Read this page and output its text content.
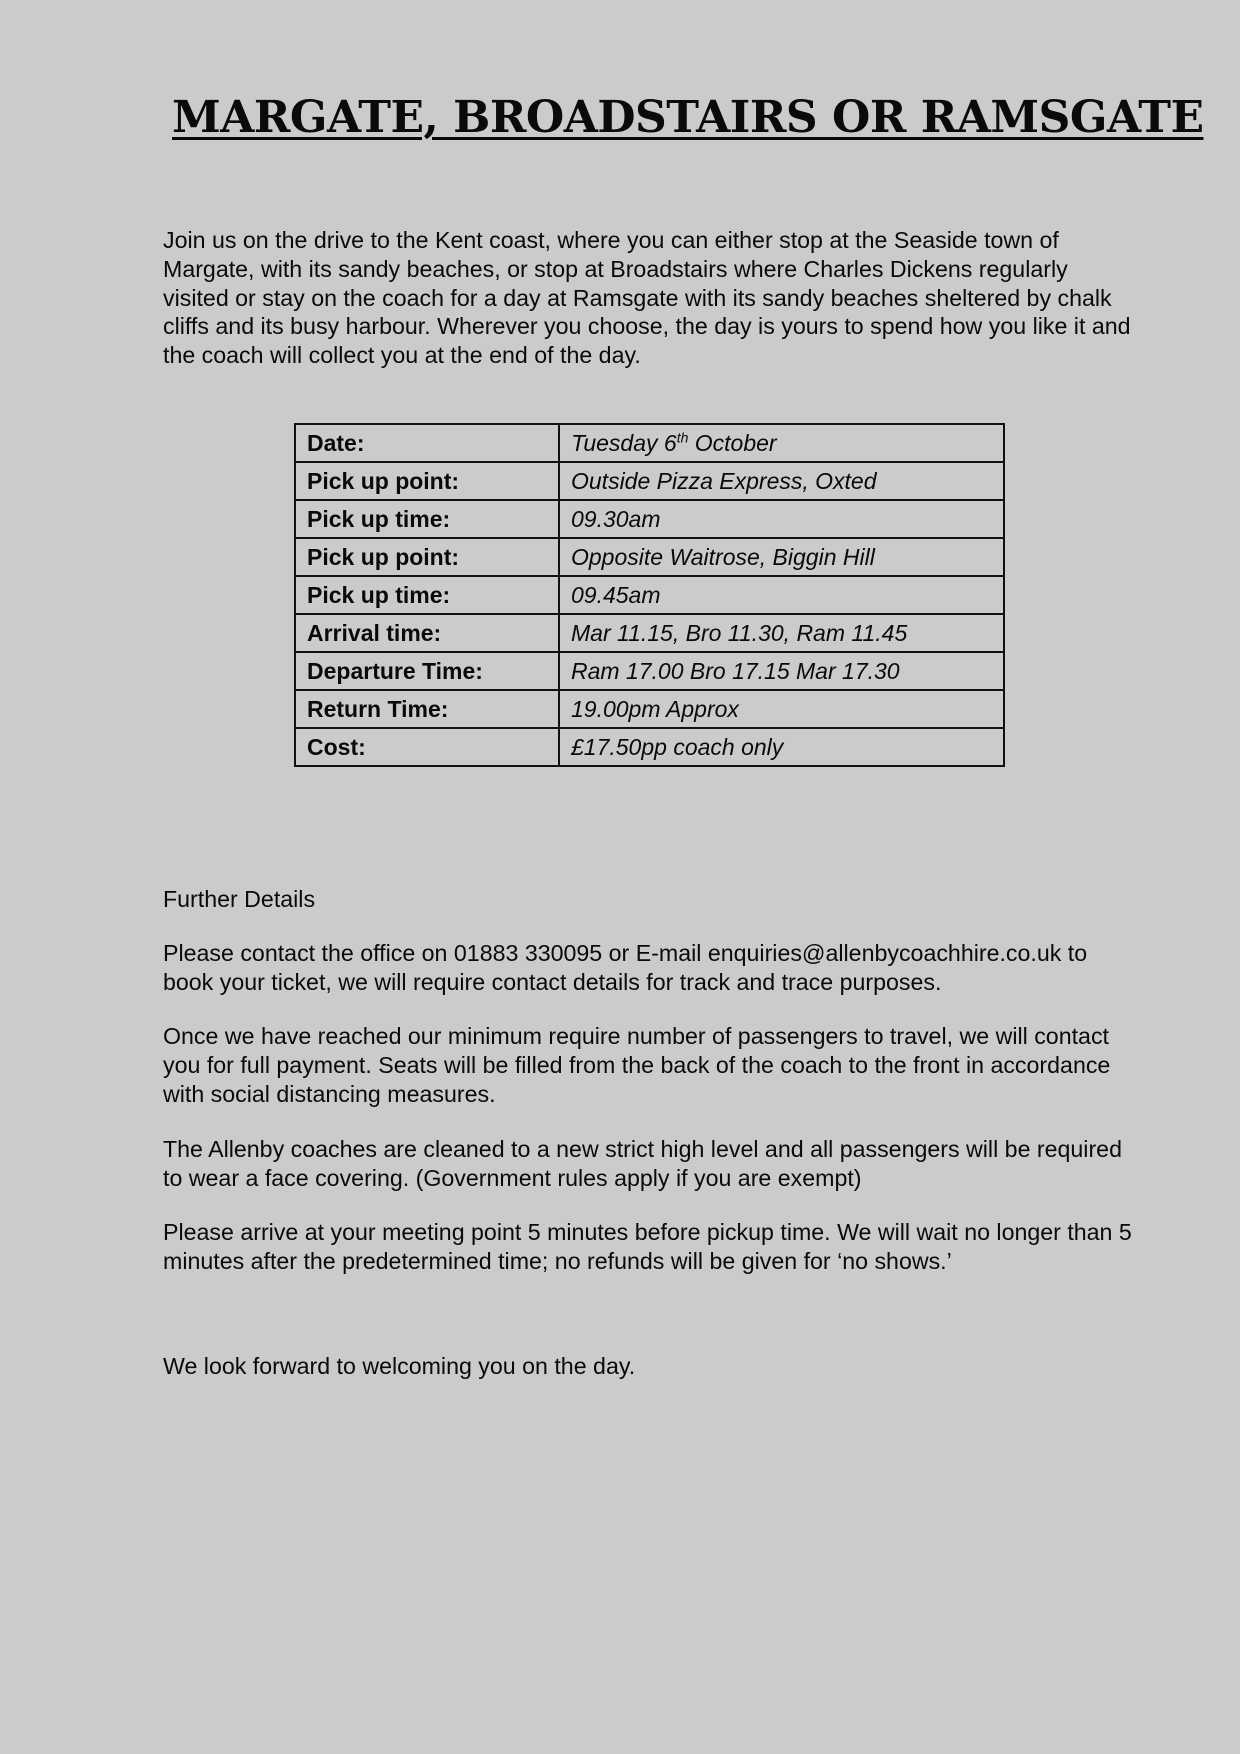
MARGATE, BROADSTAIRS OR RAMSGATE

Join us on the drive to the Kent coast, where you can either stop at the Seaside town of Margate, with its sandy beaches, or stop at Broadstairs where Charles Dickens regularly visited or stay on the coach for a day at Ramsgate with its sandy beaches sheltered by chalk cliffs and its busy harbour. Wherever you choose, the day is yours to spend how you like it and the coach will collect you at the end of the day.

Date:	Tuesday 6th October
Pick up point:	Outside Pizza Express, Oxted
Pick up time:	09.30am
Pick up point:	Opposite Waitrose, Biggin Hill
Pick up time:	09.45am
Arrival time:	Mar 11.15, Bro 11.30, Ram 11.45
Departure Time:	Ram 17.00 Bro 17.15 Mar 17.30
Return Time:	19.00pm Approx
Cost:	£17.50pp coach only

Further Details

Please contact the office on 01883 330095 or E-mail enquiries@allenbycoachhire.co.uk to book your ticket, we will require contact details for track and trace purposes.

Once we have reached our minimum require number of passengers to travel, we will contact you for full payment. Seats will be filled from the back of the coach to the front in accordance with social distancing measures.

The Allenby coaches are cleaned to a new strict high level and all passengers will be required to wear a face covering. (Government rules apply if you are exempt)

Please arrive at your meeting point 5 minutes before pickup time. We will wait no longer than 5 minutes after the predetermined time; no refunds will be given for ‘no shows.’

We look forward to welcoming you on the day.
